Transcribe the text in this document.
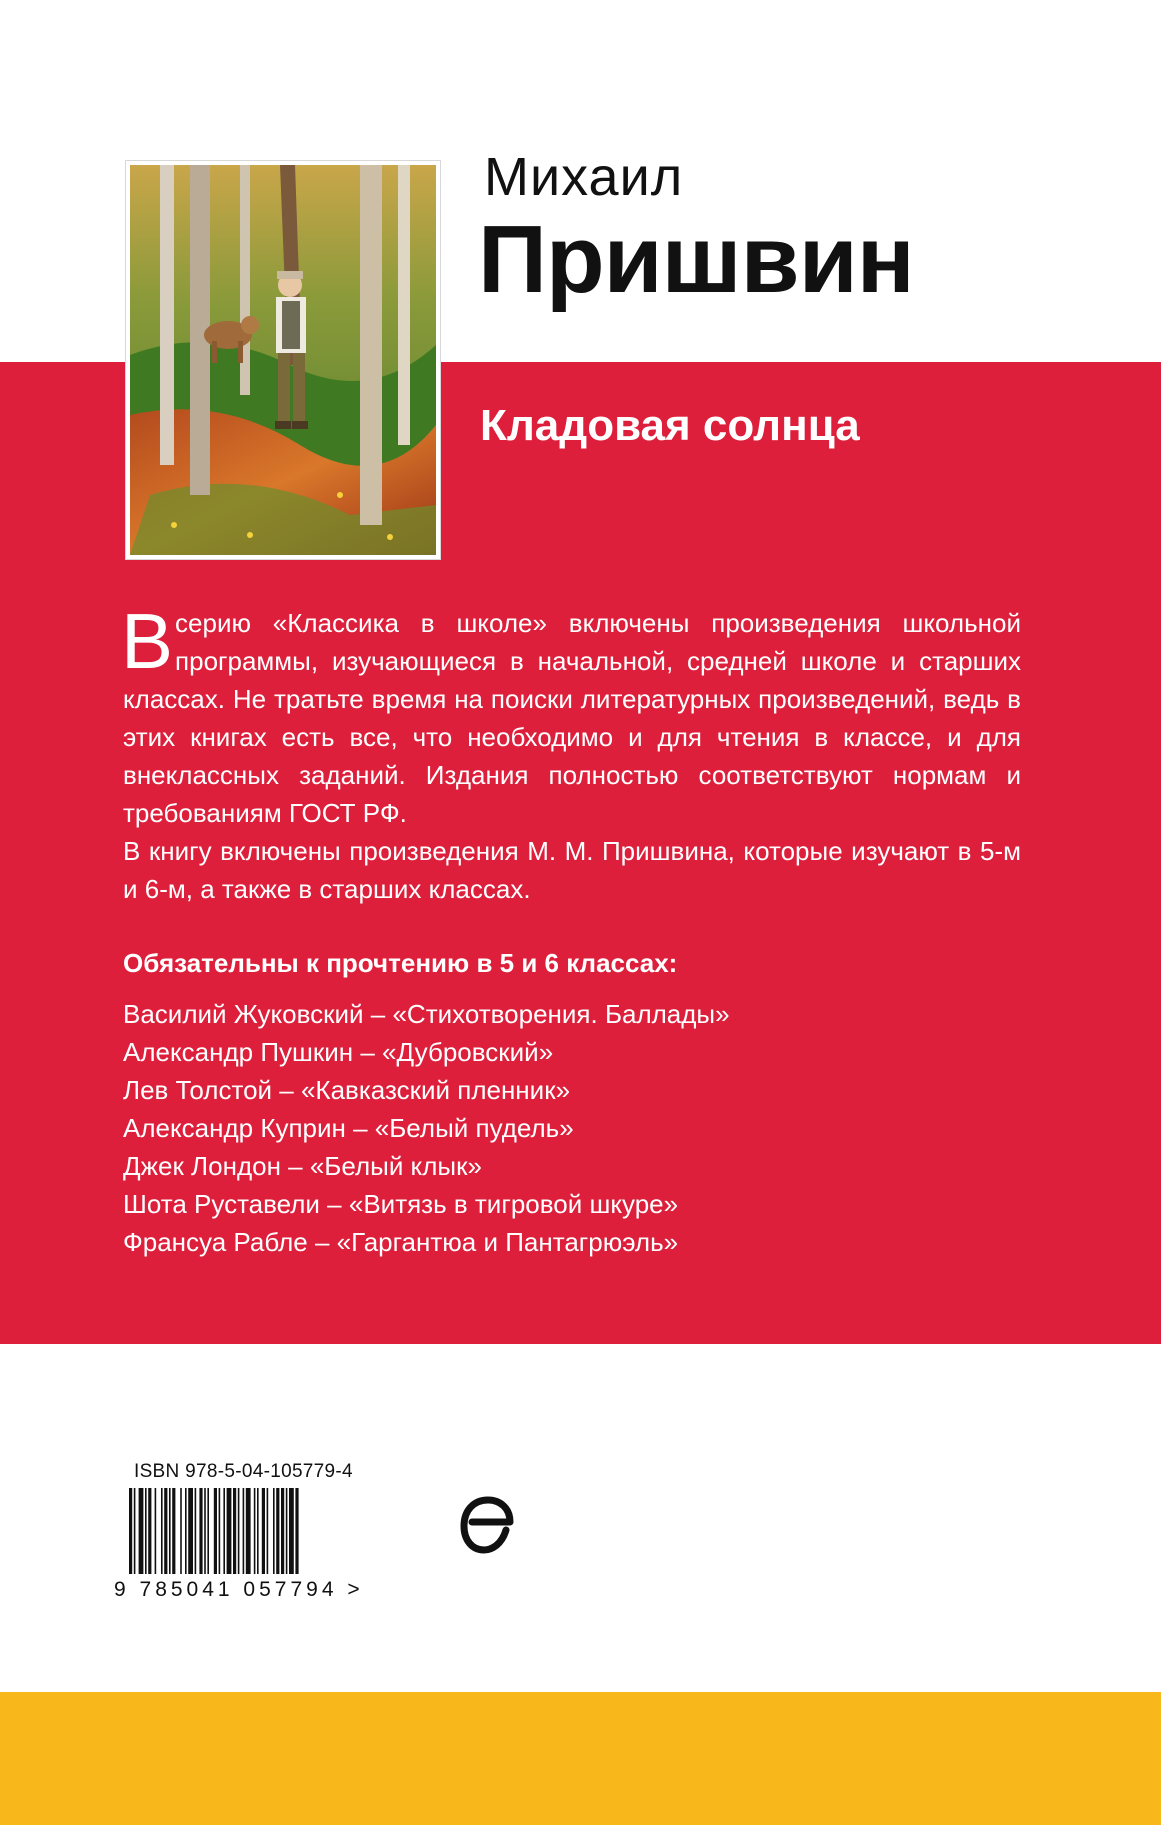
Михаил
Пришвин
Кладовая солнца

В серию «Классика в школе» включены произведения школьной программы, изучающиеся в начальной, средней школе и старших классах. Не тратьте время на поиски литературных произведений, ведь в этих книгах есть все, что необходимо и для чтения в классе, и для внеклассных заданий. Издания полностью соответствуют нормам и требованиям ГОСТ РФ.

В книгу включены произведения М. М. Пришвина, которые изучают в 5-м и 6-м, а также в старших классах.

Обязательны к прочтению в 5 и 6 классах:
Василий Жуковский – «Стихотворения. Баллады»
Александр Пушкин – «Дубровский»
Лев Толстой – «Кавказский пленник»
Александр Куприн – «Белый пудель»
Джек Лондон – «Белый клык»
Шота Руставели – «Витязь в тигровой шкуре»
Франсуа Рабле – «Гаргантюа и Пантагрюэль»
ISBN 978-5-04-105779-4
9 785041 057794 >
